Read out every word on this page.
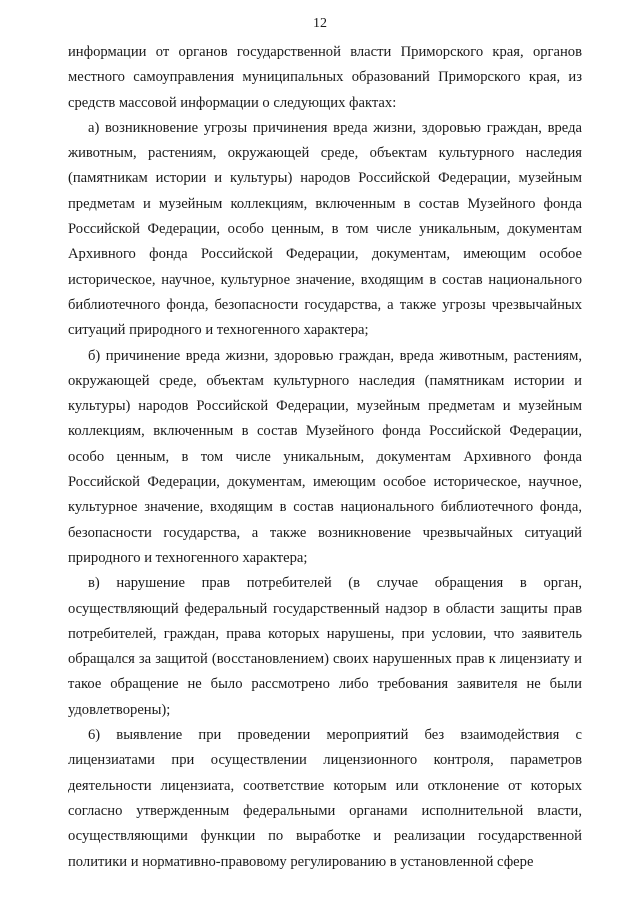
12

информации от органов государственной власти Приморского края, органов местного самоуправления муниципальных образований Приморского края, из средств массовой информации о следующих фактах:

а) возникновение угрозы причинения вреда жизни, здоровью граждан, вреда животным, растениям, окружающей среде, объектам культурного наследия (памятникам истории и культуры) народов Российской Федерации, музейным предметам и музейным коллекциям, включенным в состав Музейного фонда Российской Федерации, особо ценным, в том числе уникальным, документам Архивного фонда Российской Федерации, документам, имеющим особое историческое, научное, культурное значение, входящим в состав национального библиотечного фонда, безопасности государства, а также угрозы чрезвычайных ситуаций природного и техногенного характера;

б) причинение вреда жизни, здоровью граждан, вреда животным, растениям, окружающей среде, объектам культурного наследия (памятникам истории и культуры) народов Российской Федерации, музейным предметам и музейным коллекциям, включенным в состав Музейного фонда Российской Федерации, особо ценным, в том числе уникальным, документам Архивного фонда Российской Федерации, документам, имеющим особое историческое, научное, культурное значение, входящим в состав национального библиотечного фонда, безопасности государства, а также возникновение чрезвычайных ситуаций природного и техногенного характера;

в) нарушение прав потребителей (в случае обращения в орган, осуществляющий федеральный государственный надзор в области защиты прав потребителей, граждан, права которых нарушены, при условии, что заявитель обращался за защитой (восстановлением) своих нарушенных прав к лицензиату и такое обращение не было рассмотрено либо требования заявителя не были удовлетворены);

6) выявление при проведении мероприятий без взаимодействия с лицензиатами при осуществлении лицензионного контроля, параметров деятельности лицензиата, соответствие которым или отклонение от которых согласно утвержденным федеральными органами исполнительной власти, осуществляющими функции по выработке и реализации государственной политики и нормативно-правовому регулированию в установленной сфере
